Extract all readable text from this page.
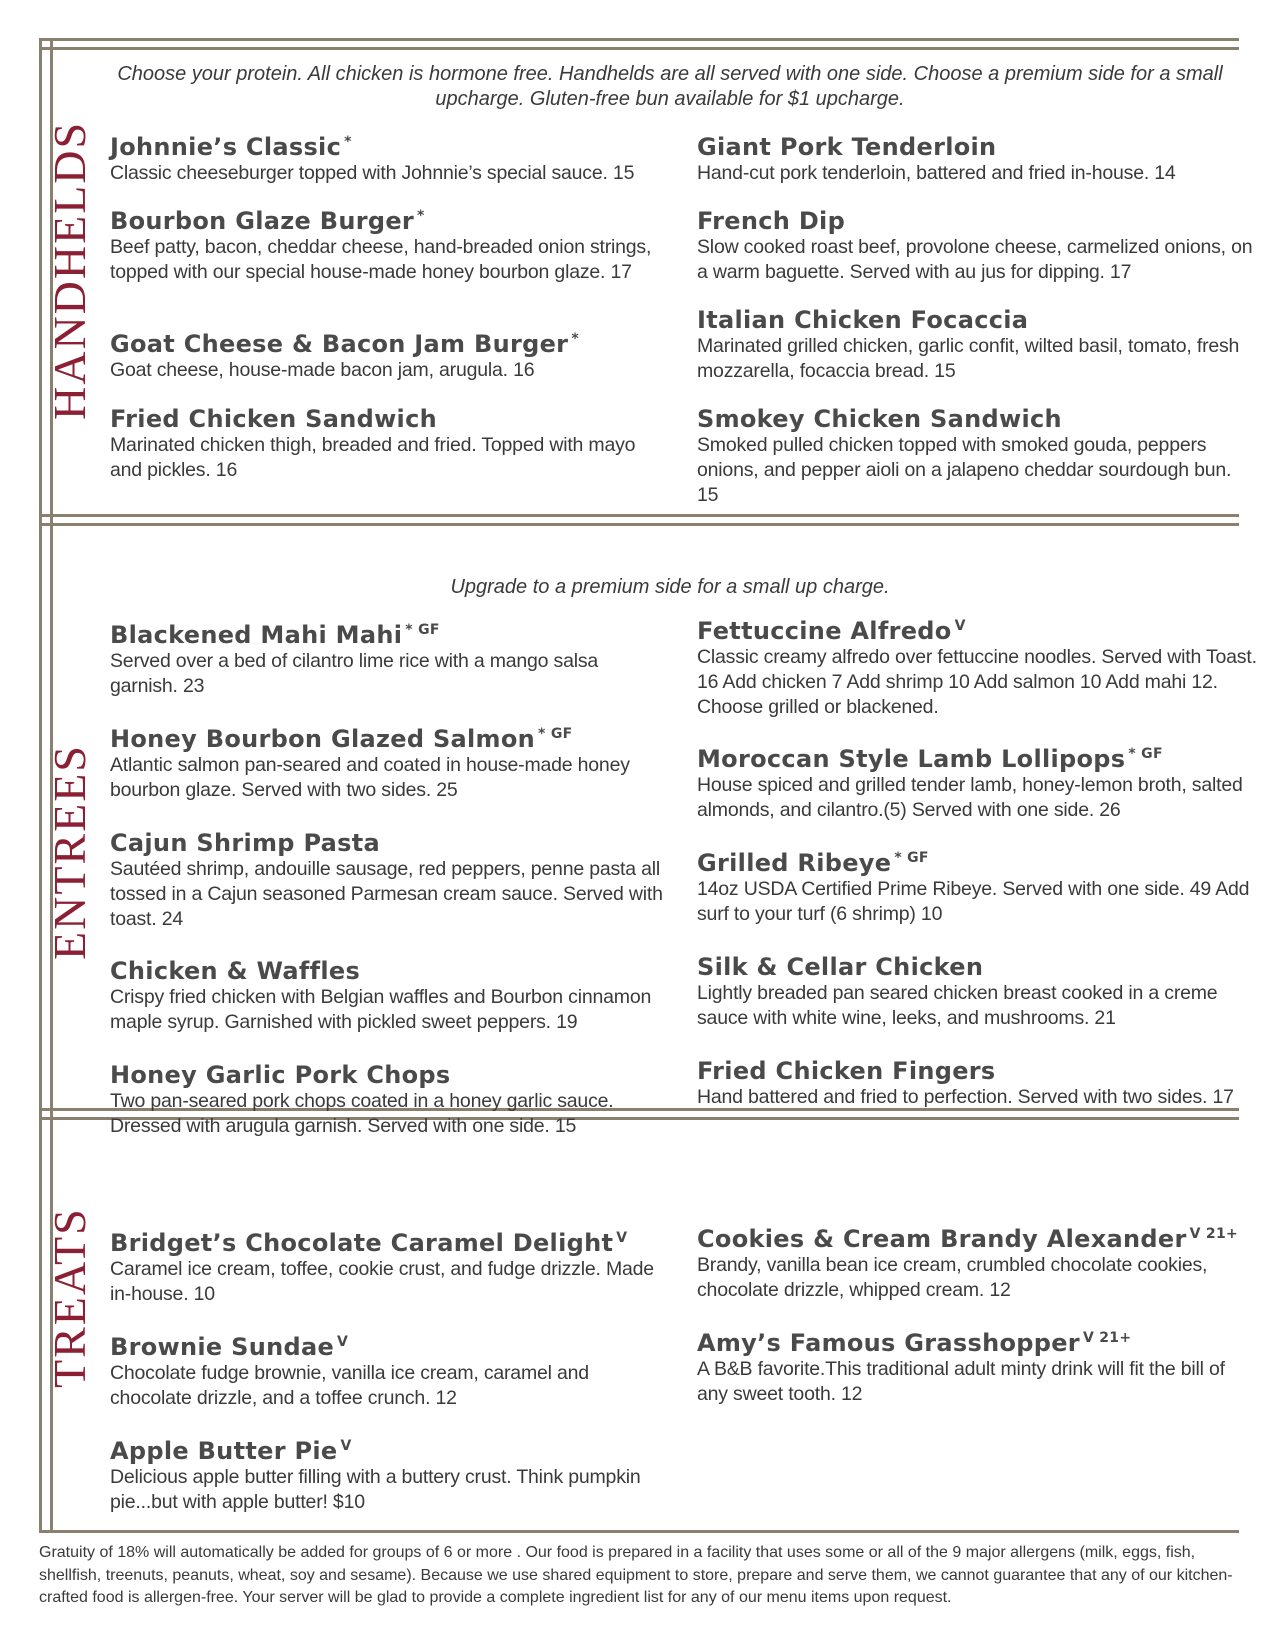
HANDHELDS
ENTREES
TREATS
Choose your protein. All chicken is hormone free. Handhelds are all served with one side. Choose a premium side for a small upcharge. Gluten-free bun available for $1 upcharge.
Johnnie’s Classic *
Classic cheeseburger topped with Johnnie’s special sauce. 15
Bourbon Glaze Burger *
Beef patty, bacon, cheddar cheese, hand-breaded onion strings, topped with our special house-made honey bourbon glaze. 17
Goat Cheese & Bacon Jam Burger *
Goat cheese, house-made bacon jam, arugula. 16
Fried Chicken Sandwich
Marinated chicken thigh, breaded and fried. Topped with mayo and pickles. 16
Giant Pork Tenderloin
Hand-cut pork tenderloin, battered and fried in-house. 14
French Dip
Slow cooked roast beef, provolone cheese, carmelized onions, on a warm baguette. Served with au jus for dipping. 17
Italian Chicken Focaccia
Marinated grilled chicken, garlic confit, wilted basil, tomato, fresh mozzarella, focaccia bread. 15
Smokey Chicken Sandwich
Smoked pulled chicken topped with smoked gouda, peppers onions, and pepper aioli on a jalapeno cheddar sourdough bun. 15
Upgrade to a premium side for a small up charge.
Blackened Mahi Mahi $^{* GF}$
Served over a bed of cilantro lime rice with a mango salsa garnish. 23
Honey Bourbon Glazed Salmon $^{* GF}$
Atlantic salmon pan-seared and coated in house-made honey bourbon glaze. Served with two sides. 25
Cajun Shrimp Pasta
Sautéed shrimp, andouille sausage, red peppers, penne pasta all tossed in a Cajun seasoned Parmesan cream sauce. Served with toast. 24
Chicken & Waffles
Crispy fried chicken with Belgian waffles and Bourbon cinnamon maple syrup. Garnished with pickled sweet peppers. 19
Honey Garlic Pork Chops
Two pan-seared pork chops coated in a honey garlic sauce. Dressed with arugula garnish. Served with one side. 15
Fettuccine Alfredo $^V$
Classic creamy alfredo over fettuccine noodles. Served with Toast. 16 Add chicken 7 Add shrimp 10 Add salmon 10 Add mahi 12. Choose grilled or blackened.
Moroccan Style Lamb Lollipops $^{* GF}$
House spiced and grilled tender lamb, honey-lemon broth, salted almonds, and cilantro.(5) Served with one side. 26
Grilled Ribeye $^{* GF}$
14oz USDA Certified Prime Ribeye. Served with one side. 49 Add surf to your turf (6 shrimp) 10
Silk & Cellar Chicken
Lightly breaded pan seared chicken breast cooked in a creme sauce with white wine, leeks, and mushrooms. 21
Fried Chicken Fingers
Hand battered and fried to perfection. Served with two sides. 17
Bridget’s Chocolate Caramel Delight $^V$
Caramel ice cream, toffee, cookie crust, and fudge drizzle. Made in-house. 10
Brownie Sundae $^V$
Chocolate fudge brownie, vanilla ice cream, caramel and chocolate drizzle, and a toffee crunch. 12
Apple Butter Pie $^V$
Delicious apple butter filling with a buttery crust. Think pumpkin pie...but with apple butter! $10
Cookies & Cream Brandy Alexander $^{V 21+}$
Brandy, vanilla bean ice cream, crumbled chocolate cookies, chocolate drizzle, whipped cream. 12
Amy’s Famous Grasshopper $^{V 21+}$
A B&B favorite.This traditional adult minty drink will fit the bill of any sweet tooth. 12
Gratuity of 18% will automatically be added for groups of 6 or more . Our food is prepared in a facility that uses some or all of the 9 major allergens (milk, eggs, fish, shellfish, treenuts, peanuts, wheat, soy and sesame). Because we use shared equipment to store, prepare and serve them, we cannot guarantee that any of our kitchen-crafted food is allergen-free. Your server will be glad to provide a complete ingredient list for any of our menu items upon request.
